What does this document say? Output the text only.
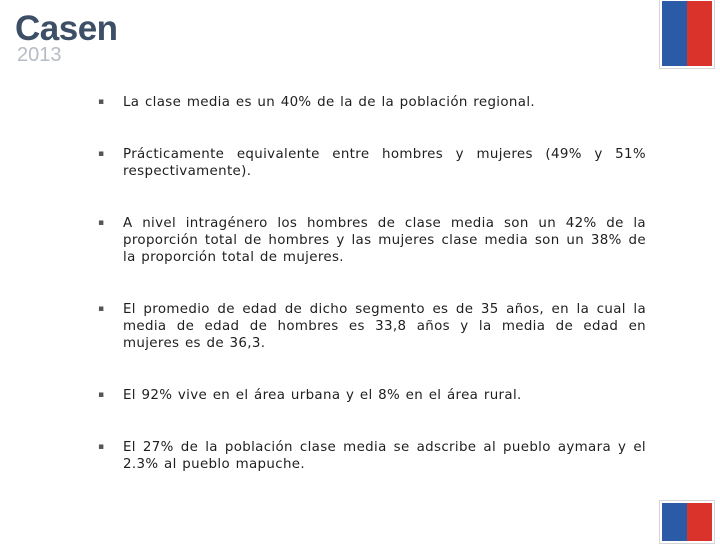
Casen
2013
▪ La clase media es un 40% de la de la población regional.
▪ Prácticamente equivalente entre hombres y mujeres (49% y 51% respectivamente).
▪ A nivel intragénero los hombres de clase media son un 42% de la proporción total de hombres y las mujeres clase media son un 38% de la proporción total de mujeres.
▪ El promedio de edad de dicho segmento es de 35 años, en la cual la media de edad de hombres es 33,8 años y la media de edad en mujeres es de 36,3.
▪ El 92% vive en el área urbana y el 8% en el área rural.
▪ El 27% de la población clase media se adscribe al pueblo aymara y el 2.3% al pueblo mapuche.
